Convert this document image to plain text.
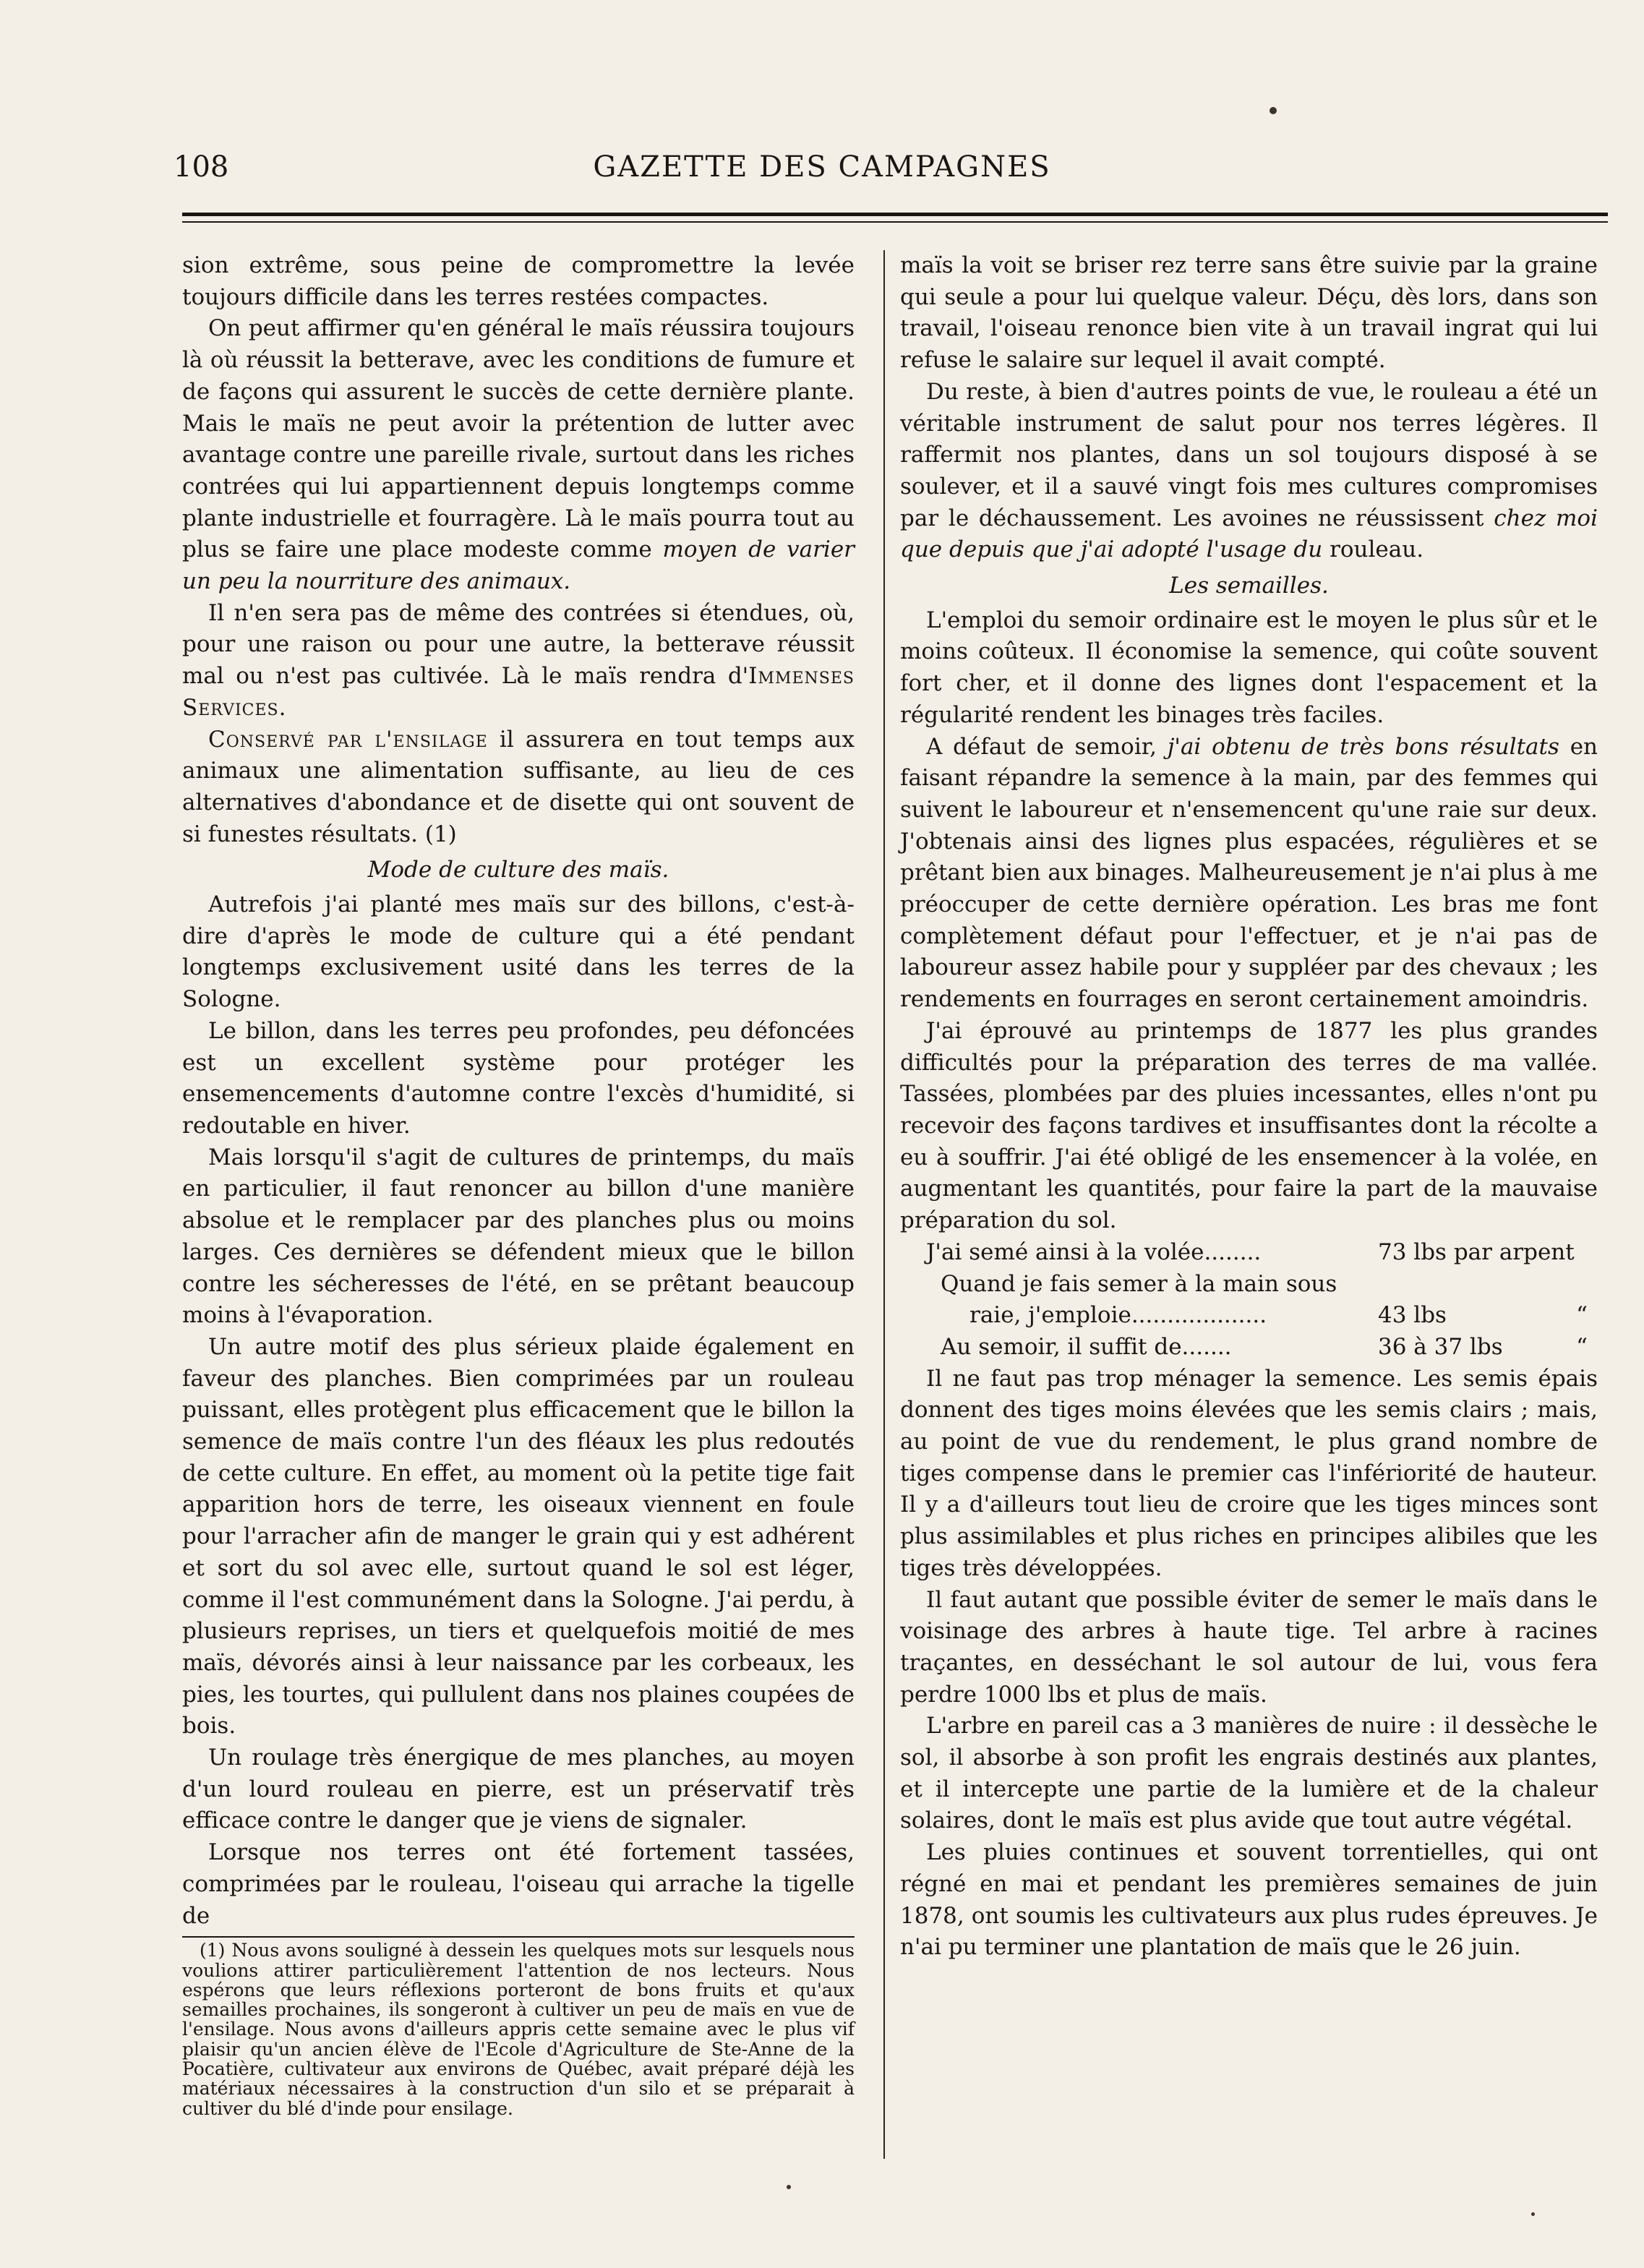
108	GAZETTE DES CAMPAGNES

sion extrême, sous peine de compromettre la levée toujours difficile dans les terres restées compactes.

On peut affirmer qu'en général le maïs réussira toujours là où réussit la betterave, avec les conditions de fumure et de façons qui assurent le succès de cette dernière plante. Mais le maïs ne peut avoir la prétention de lutter avec avantage contre une pareille rivale, surtout dans les riches contrées qui lui appartiennent depuis longtemps comme plante industrielle et fourragère. Là le maïs pourra tout au plus se faire une place modeste comme moyen de varier un peu la nourriture des animaux.

Il n'en sera pas de même des contrées si étendues, où, pour une raison ou pour une autre, la betterave réussit mal ou n'est pas cultivée. Là le maïs rendra d'Immenses Services.

Conservé par l'ensilage il assurera en tout temps aux animaux une alimentation suffisante, au lieu de ces alternatives d'abondance et de disette qui ont souvent de si funestes résultats. (1)

Mode de culture des maïs.

Autrefois j'ai planté mes maïs sur des billons, c'est-à-dire d'après le mode de culture qui a été pendant longtemps exclusivement usité dans les terres de la Sologne.

Le billon, dans les terres peu profondes, peu défoncées est un excellent système pour protéger les ensemencements d'automne contre l'excès d'humidité, si redoutable en hiver.

Mais lorsqu'il s'agit de cultures de printemps, du maïs en particulier, il faut renoncer au billon d'une manière absolue et le remplacer par des planches plus ou moins larges. Ces dernières se défendent mieux que le billon contre les sécheresses de l'été, en se prêtant beaucoup moins à l'évaporation.

Un autre motif des plus sérieux plaide également en faveur des planches. Bien comprimées par un rouleau puissant, elles protègent plus efficacement que le billon la semence de maïs contre l'un des fléaux les plus redoutés de cette culture. En effet, au moment où la petite tige fait apparition hors de terre, les oiseaux viennent en foule pour l'arracher afin de manger le grain qui y est adhérent et sort du sol avec elle, surtout quand le sol est léger, comme il l'est communément dans la Sologne. J'ai perdu, à plusieurs reprises, un tiers et quelquefois moitié de mes maïs, dévorés ainsi à leur naissance par les corbeaux, les pies, les tourtes, qui pullulent dans nos plaines coupées de bois.

Un roulage très énergique de mes planches, au moyen d'un lourd rouleau en pierre, est un préservatif très efficace contre le danger que je viens de signaler.

Lorsque nos terres ont été fortement tassées, comprimées par le rouleau, l'oiseau qui arrache la tigelle de

(1) Nous avons souligné à dessein les quelques mots sur lesquels nous voulions attirer particulièrement l'attention de nos lecteurs. Nous espérons que leurs réflexions porteront de bons fruits et qu'aux semailles prochaines, ils songeront à cultiver un peu de maïs en vue de l'ensilage. Nous avons d'ailleurs appris cette semaine avec le plus vif plaisir qu'un ancien élève de l'Ecole d'Agriculture de Ste-Anne de la Pocatière, cultivateur aux environs de Québec, avait préparé déjà les matériaux nécessaires à la construction d'un silo et se préparait à cultiver du blé d'inde pour ensilage.

maïs la voit se briser rez terre sans être suivie par la graine qui seule a pour lui quelque valeur. Déçu, dès lors, dans son travail, l'oiseau renonce bien vite à un travail ingrat qui lui refuse le salaire sur lequel il avait compté.

Du reste, à bien d'autres points de vue, le rouleau a été un véritable instrument de salut pour nos terres légères. Il raffermit nos plantes, dans un sol toujours disposé à se soulever, et il a sauvé vingt fois mes cultures compromises par le déchaussement. Les avoines ne réussissent chez moi que depuis que j'ai adopté l'usage du rouleau.

Les semailles.

L'emploi du semoir ordinaire est le moyen le plus sûr et le moins coûteux. Il économise la semence, qui coûte souvent fort cher, et il donne des lignes dont l'espacement et la régularité rendent les binages très faciles.

A défaut de semoir, j'ai obtenu de très bons résultats en faisant répandre la semence à la main, par des femmes qui suivent le laboureur et n'ensemencent qu'une raie sur deux. J'obtenais ainsi des lignes plus espacées, régulières et se prêtant bien aux binages. Malheureusement je n'ai plus à me préoccuper de cette dernière opération. Les bras me font complètement défaut pour l'effectuer, et je n'ai pas de laboureur assez habile pour y suppléer par des chevaux ; les rendements en fourrages en seront certainement amoindris.

J'ai éprouvé au printemps de 1877 les plus grandes difficultés pour la préparation des terres de ma vallée. Tassées, plombées par des pluies incessantes, elles n'ont pu recevoir des façons tardives et insuffisantes dont la récolte a eu à souffrir. J'ai été obligé de les ensemencer à la volée, en augmentant les quantités, pour faire la part de la mauvaise préparation du sol.

J'ai semé ainsi à la volée........	73 lbs par arpent

Quand je fais semer à la main sous

raie, j'emploie...................	43 lbs	“

Au semoir, il suffit de.......	36 à 37 lbs	“

Il ne faut pas trop ménager la semence. Les semis épais donnent des tiges moins élevées que les semis clairs ; mais, au point de vue du rendement, le plus grand nombre de tiges compense dans le premier cas l'infériorité de hauteur. Il y a d'ailleurs tout lieu de croire que les tiges minces sont plus assimilables et plus riches en principes alibiles que les tiges très développées.

Il faut autant que possible éviter de semer le maïs dans le voisinage des arbres à haute tige. Tel arbre à racines traçantes, en desséchant le sol autour de lui, vous fera perdre 1000 lbs et plus de maïs.

L'arbre en pareil cas a 3 manières de nuire : il dessèche le sol, il absorbe à son profit les engrais destinés aux plantes, et il intercepte une partie de la lumière et de la chaleur solaires, dont le maïs est plus avide que tout autre végétal.

Les pluies continues et souvent torrentielles, qui ont régné en mai et pendant les premières semaines de juin 1878, ont soumis les cultivateurs aux plus rudes épreuves. Je n'ai pu terminer une plantation de maïs que le 26 juin.
